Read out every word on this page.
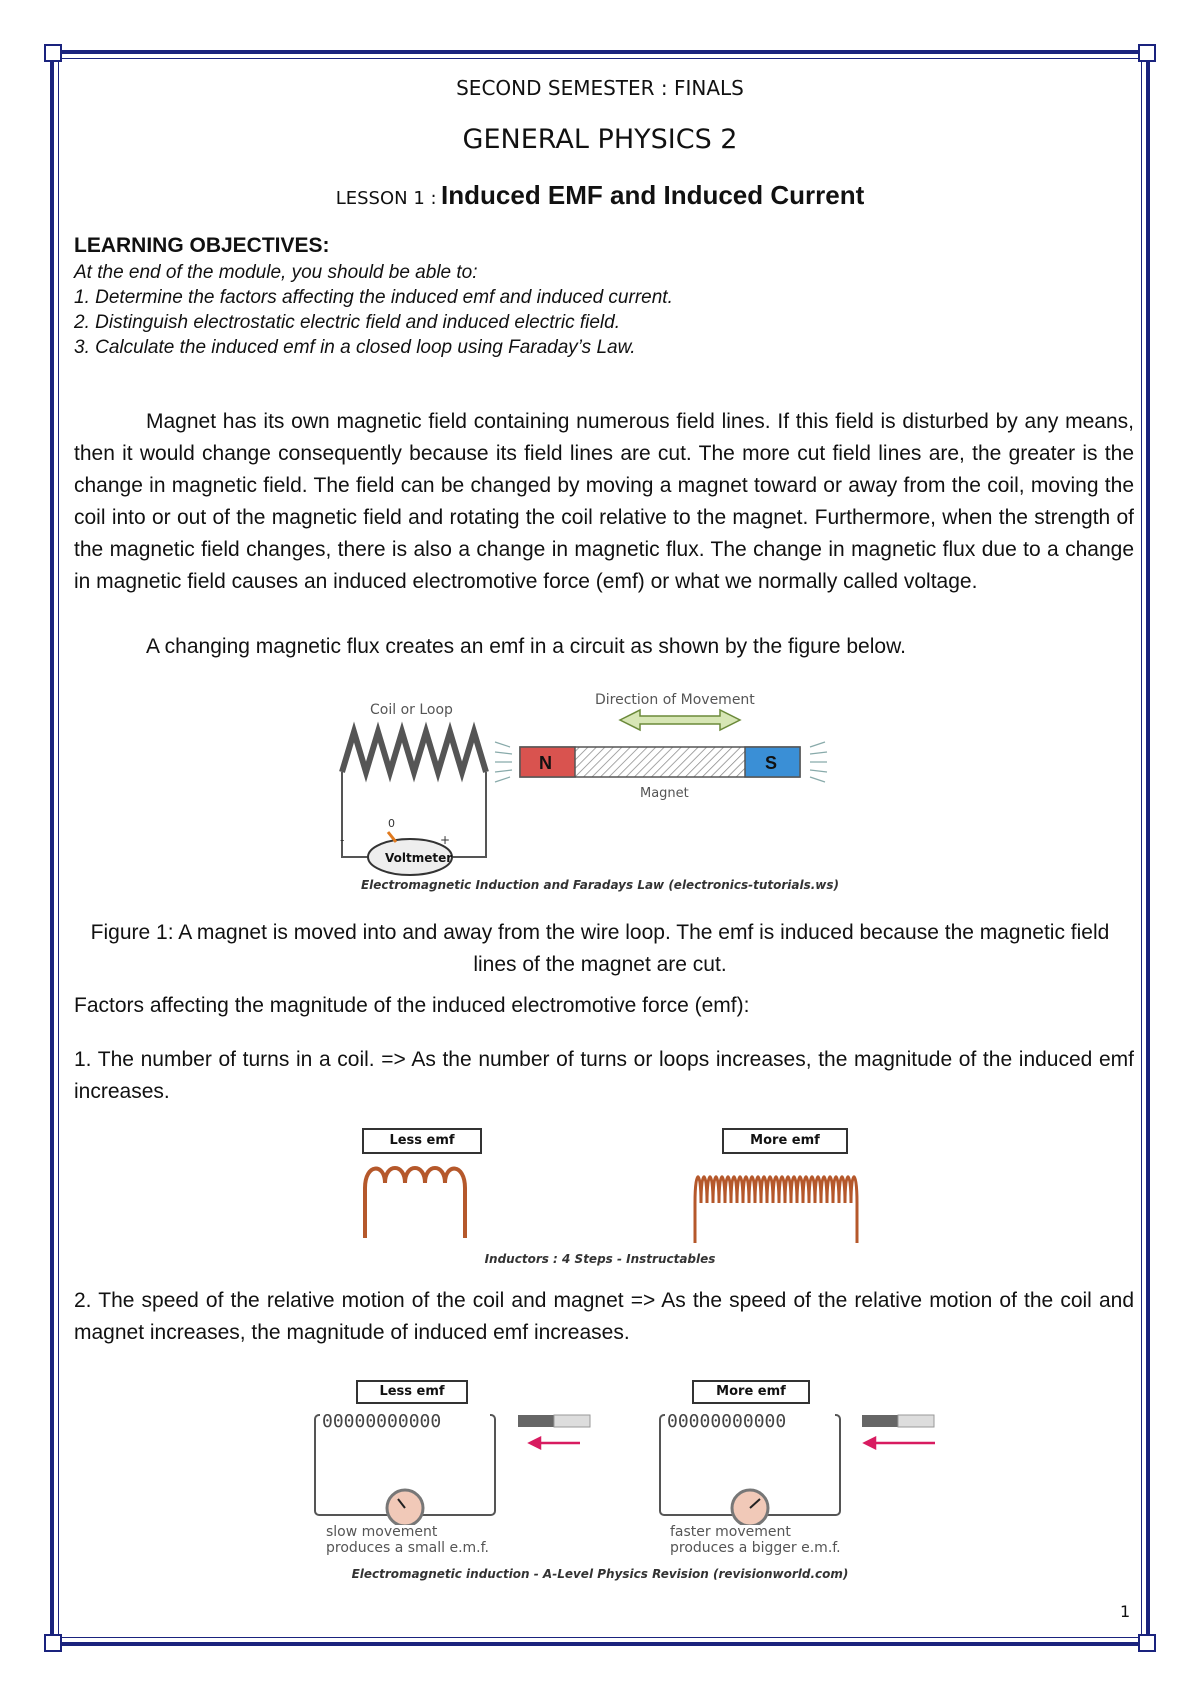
SECOND SEMESTER : FINALS
GENERAL PHYSICS 2
LESSON 1 : Induced EMF and Induced Current
LEARNING OBJECTIVES:
At the end of the module, you should be able to:
1. Determine the factors affecting the induced emf and induced current.
2. Distinguish electrostatic electric field and induced electric field.
3. Calculate the induced emf in a closed loop using Faraday’s Law.
Magnet has its own magnetic field containing numerous field lines. If this field is disturbed by any means, then it would change consequently because its field lines are cut. The more cut field lines are, the greater is the change in magnetic field. The field can be changed by moving a magnet toward or away from the coil, moving the coil into or out of the magnetic field and rotating the coil relative to the magnet. Furthermore, when the strength of the magnetic field changes, there is also a change in magnetic flux. The change in magnetic flux due to a change in magnetic field causes an induced electromotive force (emf) or what we normally called voltage.
A changing magnetic flux creates an emf in a circuit as shown by the figure below.
Coil or Loop
Direction of Movement
N	S
Magnet
Voltmeter
0
-	+
Electromagnetic Induction and Faradays Law (electronics-tutorials.ws)
Figure 1: A magnet is moved into and away from the wire loop. The emf is induced because the magnetic field lines of the magnet are cut.
Factors affecting the magnitude of the induced electromotive force (emf):
1. The number of turns in a coil. => As the number of turns or loops increases, the magnitude of the induced emf increases.
Less emf	More emf
Inductors : 4 Steps - Instructables
2. The speed of the relative motion of the coil and magnet => As the speed of the relative motion of the coil and magnet increases, the magnitude of induced emf increases.
Less emf	More emf
00000000000	00000000000
slow movement
produces a small e.m.f.
faster movement
produces a bigger e.m.f.
Electromagnetic induction - A-Level Physics Revision (revisionworld.com)
1
